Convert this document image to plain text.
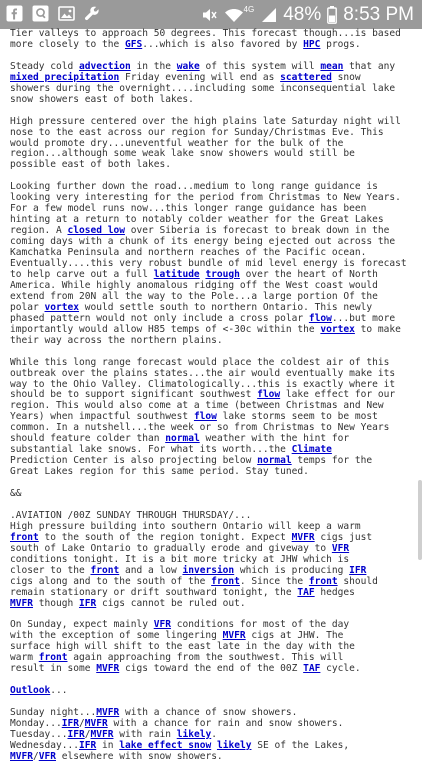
4G 48% 8:53 PM
Tier valleys to approach 50 degrees. This forecast though...is based
more closely to the GFS...which is also favored by HPC progs.

Steady cold advection in the wake of this system will mean that any
mixed precipitation Friday evening will end as scattered snow
showers during the overnight....including some inconsequential lake
snow showers east of both lakes.

High pressure centered over the high plains late Saturday night will
nose to the east across our region for Sunday/Christmas Eve. This
would promote dry...uneventful weather for the bulk of the
region...although some weak lake snow showers would still be
possible east of both lakes.

Looking further down the road...medium to long range guidance is
looking very interesting for the period from Christmas to New Years.
For a few model runs now...this longer range guidance has been
hinting at a return to notably colder weather for the Great Lakes
region. A closed low over Siberia is forecast to break down in the
coming days with a chunk of its energy being ejected out across the
Kamchatka Peninsula and northern reaches of the Pacific ocean.
Eventually....this very robust bundle of mid level energy is forecast
to help carve out a full latitude trough over the heart of North
America. While highly anomalous ridging off the West coast would
extend from 20N all the way to the Pole...a large portion Of the
polar vortex would settle south to northern Ontario. This newly
phased pattern would not only include a cross polar flow...but more
importantly would allow H85 temps of <-30c within the vortex to make
their way across the northern plains.

While this long range forecast would place the coldest air of this
outbreak over the plains states...the air would eventually make its
way to the Ohio Valley. Climatologically...this is exactly where it
should be to support significant southwest flow lake effect for our
region. This would also come at a time (between Christmas and New
Years) when impactful southwest flow lake storms seem to be most
common. In a nutshell...the week or so from Christmas to New Years
should feature colder than normal weather with the hint for
substantial lake snows. For what its worth...the Climate
Prediction Center is also projecting below normal temps for the
Great Lakes region for this same period. Stay tuned.

&&

.AVIATION /00Z SUNDAY THROUGH THURSDAY/...
High pressure building into southern Ontario will keep a warm
front to the south of the region tonight. Expect MVFR cigs just
south of Lake Ontario to gradually erode and giveway to VFR
conditions tonight. It is a bit more tricky at JHW which is
closer to the front and a low inversion which is producing IFR
cigs along and to the south of the front. Since the front should
remain stationary or drift southward tonight, the TAF hedges
MVFR though IFR cigs cannot be ruled out.

On Sunday, expect mainly VFR conditions for most of the day
with the exception of some lingering MVFR cigs at JHW. The
surface high will shift to the east late in the day with the
warm front again approaching from the southwest. This will
result in some MVFR cigs toward the end of the 00Z TAF cycle.

Outlook...

Sunday night...MVFR with a chance of snow showers.
Monday...IFR/MVFR with a chance for rain and snow showers.
Tuesday...IFR/MVFR with rain likely.
Wednesday...IFR in lake effect snow likely SE of the Lakes,
MVFR/VFR elsewhere with snow showers.
